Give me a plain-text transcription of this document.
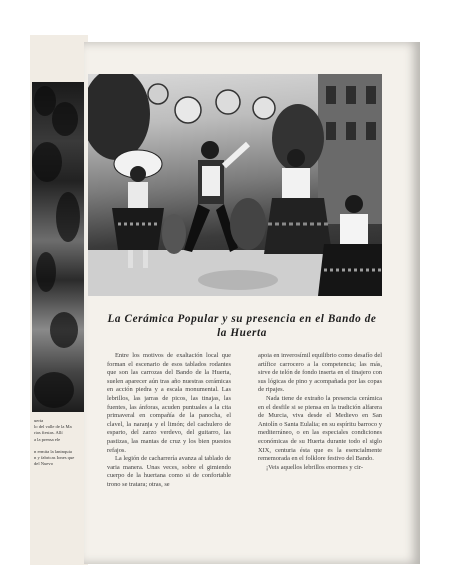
uerta
lo del valle de la Ma
rias fiestas. Allí
a la prensa ele

n ermita la laninquia
n y fabricas Iones que
del Nuevo
La Cerámica Popular y su presencia en el Bando de la Huerta

Entre los motivos de exaltación local que forman el escenario de esos tablados rodantes que son las carrozas del Bando de la Huerta, suelen aparecer aún tras año nuestras cerámicas en acción piedra y a escala monumental. Las lebrillos, las jarras de picos, las tinajas, las fuentes, las ánforas, acuden puntuales a la cita primaveral en compañía de la panocha, el clavel, la naranja y el limón; del cachulero de esparto, del zarzo verdevo, del guitarro, las pastizas, las mantas de cruz y los bien puestos refajos.

La legión de cacharrería avanza al tablado de varia manera. Unas veces, sobre el gimiendo cuerpo de la huertana como si de confortable trono se tratara; otras, se

apoia en inverosímil equilibrio como desafío del artífice carrocero a la competencia; las más, sirve de telón de fondo inserta en el tinajero con sus lógicas de pino y acompañada por las copas de ripajes.

Nada tiene de extraño la presencia cerámica en el desfile si se piensa en la tradición alfarera de Murcia, viva desde el Medievo en San Antolín o Santa Eulalia; en su espíritu barroco y mediterráneo, o en las especiales condiciones económicas de su Huerta durante todo el siglo XIX, centuria ésta que es la esencialmente rememorada en el folklore festivo del Bando.

¡Veis aquellos lebrillos enormes y cir-
